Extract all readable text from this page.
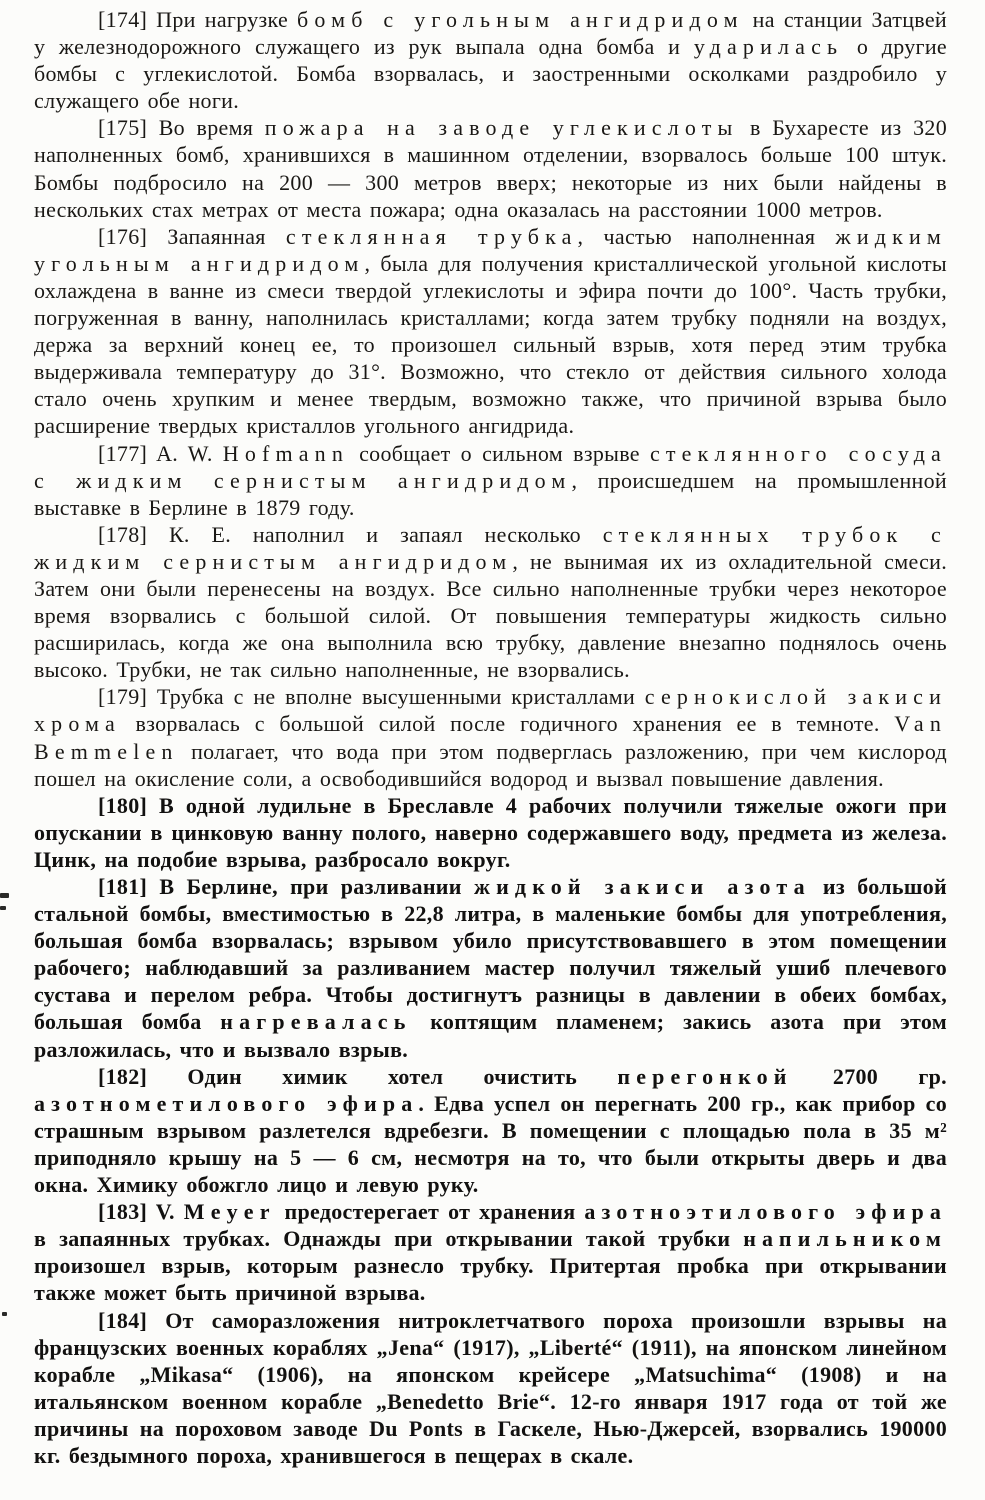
[174] При нагрузке бомб с угольным ангидридом на станции Затцвей у железнодорожного служащего из рук выпала одна бомба и ударилась о другие бомбы с углекислотой. Бомба взорвалась, и заостренными осколками раздробило у служащего обе ноги.

[175] Во время пожара на заводе углекислоты в Бухаресте из 320 наполненных бомб, хранившихся в машинном отделении, взорвалось больше 100 штук. Бомбы подбросило на 200 — 300 метров вверх; некоторые из них были найдены в нескольких стах метрах от места пожара; одна оказалась на расстоянии 1000 метров.

[176] Запаянная стеклянная трубка, частью наполненная жидким угольным ангидридом, была для получения кристаллической угольной кислоты охлаждена в ванне из смеси твердой углекислоты и эфира почти до 100°. Часть трубки, погруженная в ванну, наполнилась кристаллами; когда затем трубку подняли на воздух, держа за верхний конец ее, то произошел сильный взрыв, хотя перед этим трубка выдерживала температуру до 31°. Возможно, что стекло от действия сильного холода стало очень хрупким и менее твердым, возможно также, что причиной взрыва было расширение твердых кристаллов угольного ангидрида.

[177] A. W. Hofmann сообщает о сильном взрыве стеклянного сосуда с жидким сернистым ангидридом, происшедшем на промышленной выставке в Берлине в 1879 году.

[178] К. Е. наполнил и запаял несколько стеклянных трубок с жидким сернистым ангидридом, не вынимая их из охладительной смеси. Затем они были перенесены на воздух. Все сильно наполненные трубки через некоторое время взорвались с большой силой. От повышения температуры жидкость сильно расширилась, когда же она выполнила всю трубку, давление внезапно поднялось очень высоко. Трубки, не так сильно наполненные, не взорвались.

[179] Трубка с не вполне высушенными кристаллами сернокислой закиси хрома взорвалась с большой силой после годичного хранения ее в темноте. Van Bemmelen полагает, что вода при этом подверглась разложению, при чем кислород пошел на окисление соли, а освободившийся водород и вызвал повышение давления.

[180] В одной лудильне в Бреславле 4 рабочих получили тяжелые ожоги при опускании в цинковую ванну полого, наверно содержавшего воду, предмета из железа. Цинк, на подобие взрыва, разбросало вокруг.

[181] В Берлине, при разливании жидкой закиси азота из большой стальной бомбы, вместимостью в 22,8 литра, в маленькие бомбы для употребления, большая бомба взорвалась; взрывом убило присутствовавшего в этом помещении рабочего; наблюдавший за разливанием мастер получил тяжелый ушиб плечевого сустава и перелом ребра. Чтобы достигнутъ разницы в давлении в обеих бомбах, большая бомба нагревалась коптящим пламенем; закись азота при этом разложилась, что и вызвало взрыв.

[182] Один химик хотел очистить перегонкой 2700 гр. азотнометилового эфира. Едва успел он перегнать 200 гр., как прибор со страшным взрывом разлетелся вдребезги. В помещении с площадью пола в 35 м² приподняло крышу на 5 — 6 см, несмотря на то, что были открыты дверь и два окна. Химику обожгло лицо и левую руку.

[183] V. Meyer предостерегает от хранения азотноэтилового эфира в запаянных трубках. Однажды при открывании такой трубки напильником произошел взрыв, которым разнесло трубку. Притертая пробка при открывании также может быть причиной взрыва.

[184] От саморазложения нитроклетчатвого пороха произошли взрывы на французских военных кораблях „Jena“ (1917), „Liberté“ (1911), на японском линейном корабле „Mikasa“ (1906), на японском крейсере „Matsuchima“ (1908) и на итальянском военном корабле „Benedetto Brie“. 12-го января 1917 года от той же причины на пороховом заводе Du Ponts в Гаскеле, Нью-Джерсей, взорвались 190000 кг. бездымного пороха, хранившегося в пещерах в скале.
